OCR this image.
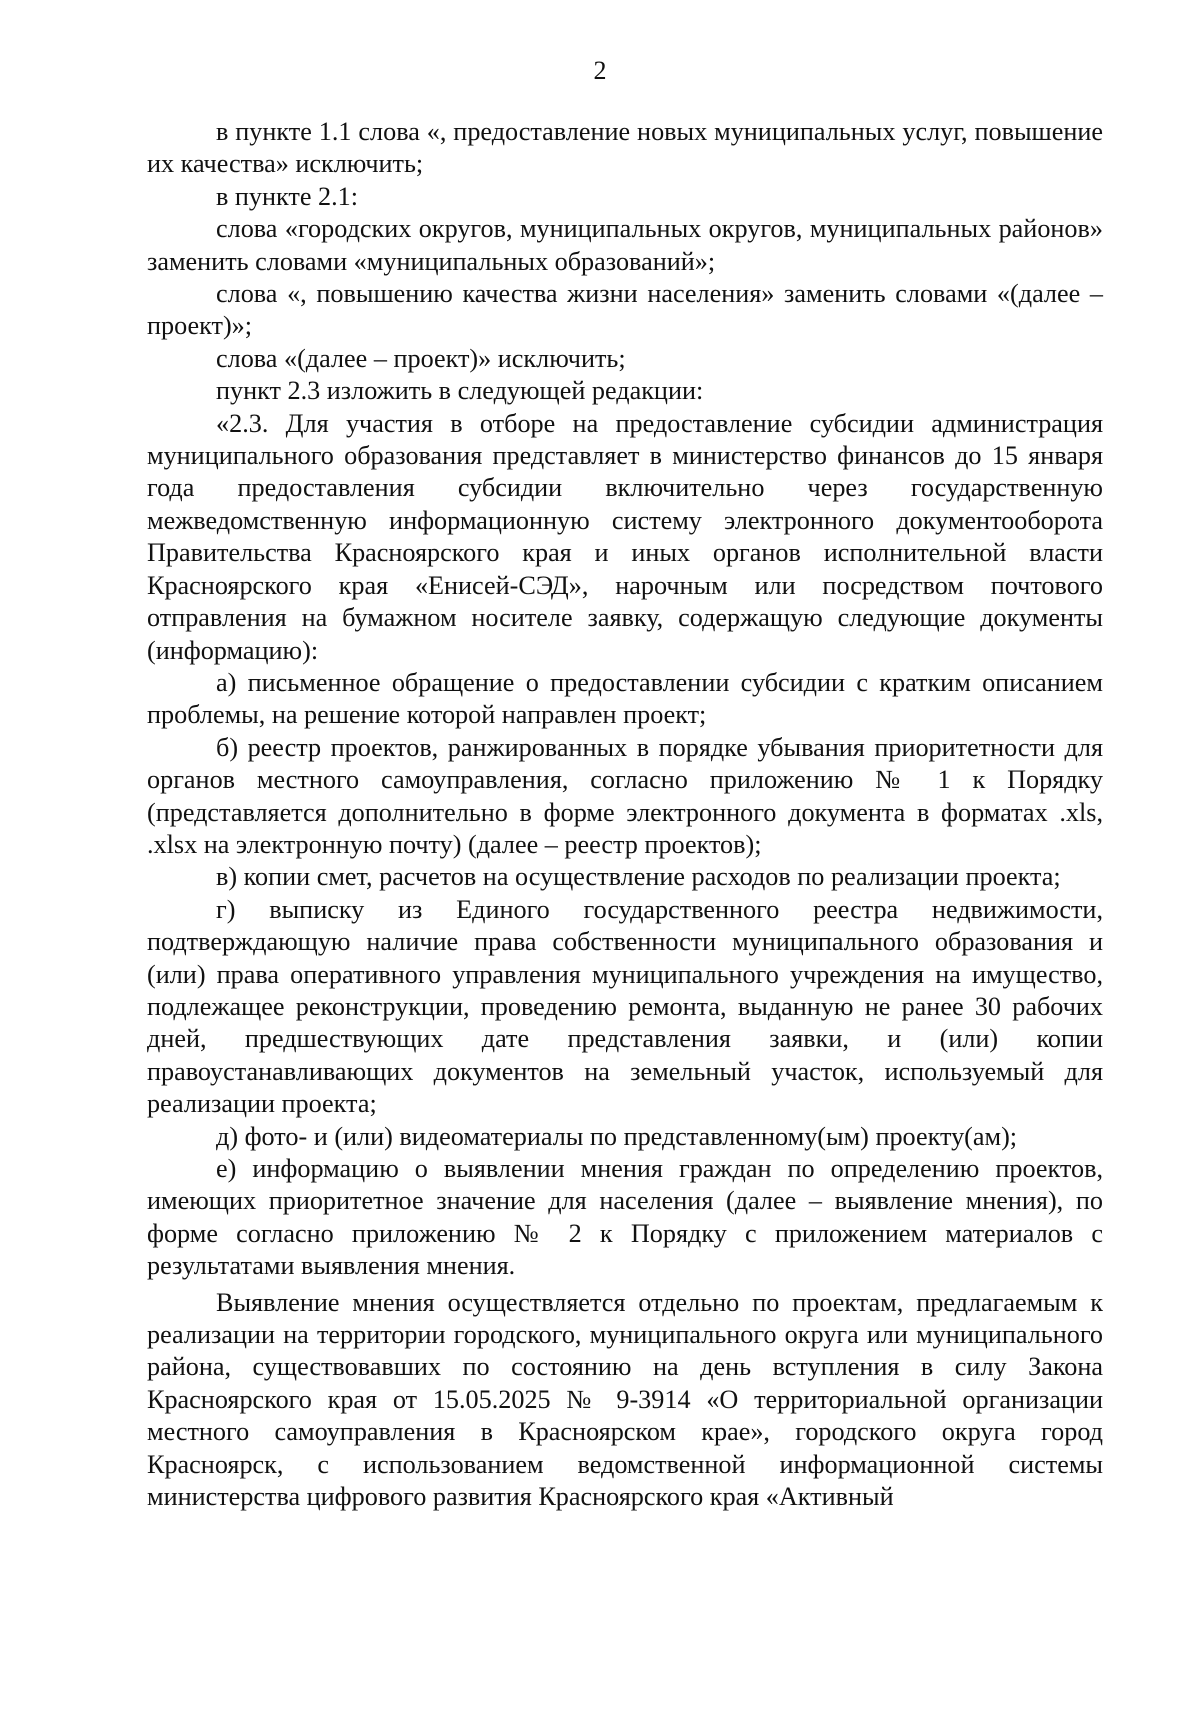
2

в пункте 1.1 слова «, предоставление новых муниципальных услуг, повышение их качества» исключить;

в пункте 2.1:

слова «городских округов, муниципальных округов, муниципальных районов» заменить словами «муниципальных образований»;

слова «, повышению качества жизни населения» заменить словами «(далее – проект)»;

слова «(далее – проект)» исключить;

пункт 2.3 изложить в следующей редакции:

«2.3. Для участия в отборе на предоставление субсидии администрация муниципального образования представляет в министерство финансов до 15 января года предоставления субсидии включительно через государственную межведомственную информационную систему электронного документооборота Правительства Красноярского края и иных органов исполнительной власти Красноярского края «Енисей-СЭД», нарочным или посредством почтового отправления на бумажном носителе заявку, содержащую следующие документы (информацию):

а) письменное обращение о предоставлении субсидии с кратким описанием проблемы, на решение которой направлен проект;

б) реестр проектов, ранжированных в порядке убывания приоритетности для органов местного самоуправления, согласно приложению № 1 к Порядку (представляется дополнительно в форме электронного документа в форматах .xls, .xlsx на электронную почту) (далее – реестр проектов);

в) копии смет, расчетов на осуществление расходов по реализации проекта;

г) выписку из Единого государственного реестра недвижимости, подтверждающую наличие права собственности муниципального образования и (или) права оперативного управления муниципального учреждения на имущество, подлежащее реконструкции, проведению ремонта, выданную не ранее 30 рабочих дней, предшествующих дате представления заявки, и (или) копии правоустанавливающих документов на земельный участок, используемый для реализации проекта;

д) фото- и (или) видеоматериалы по представленному(ым) проекту(ам);

е) информацию о выявлении мнения граждан по определению проектов, имеющих приоритетное значение для населения (далее – выявление мнения), по форме согласно приложению № 2 к Порядку с приложением материалов с результатами выявления мнения.

Выявление мнения осуществляется отдельно по проектам, предлагаемым к реализации на территории городского, муниципального округа или муниципального района, существовавших по состоянию на день вступления в силу Закона Красноярского края от 15.05.2025 № 9-3914 «О территориальной организации местного самоуправления в Красноярском крае», городского округа город Красноярск, с использованием ведомственной информационной системы министерства цифрового развития Красноярского края «Активный
